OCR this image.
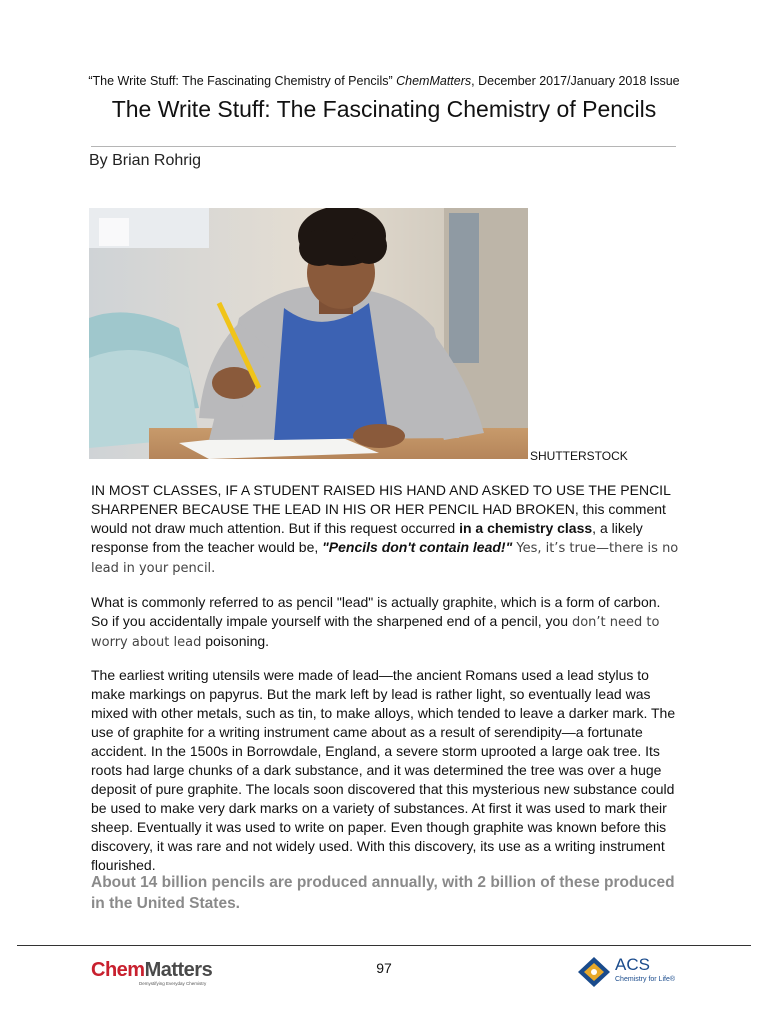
“The Write Stuff: The Fascinating Chemistry of Pencils” ChemMatters, December 2017/January 2018 Issue
The Write Stuff: The Fascinating Chemistry of Pencils
By Brian Rohrig
SHUTTERSTOCK
IN MOST CLASSES, IF A STUDENT RAISED HIS HAND AND ASKED TO USE THE PENCIL SHARPENER BECAUSE THE LEAD IN HIS OR HER PENCIL HAD BROKEN, this comment would not draw much attention. But if this request occurred in a chemistry class, a likely response from the teacher would be, "Pencils don't contain lead!" Yes, it’s true—there is no lead in your pencil.
What is commonly referred to as pencil "lead" is actually graphite, which is a form of carbon. So if you accidentally impale yourself with the sharpened end of a pencil, you don’t need to worry about lead poisoning.
The earliest writing utensils were made of lead—the ancient Romans used a lead stylus to make markings on papyrus. But the mark left by lead is rather light, so eventually lead was mixed with other metals, such as tin, to make alloys, which tended to leave a darker mark. The use of graphite for a writing instrument came about as a result of serendipity—a fortunate accident. In the 1500s in Borrowdale, England, a severe storm uprooted a large oak tree. Its roots had large chunks of a dark substance, and it was determined the tree was over a huge deposit of pure graphite. The locals soon discovered that this mysterious new substance could be used to make very dark marks on a variety of substances. At first it was used to mark their sheep. Eventually it was used to write on paper. Even though graphite was known before this discovery, it was rare and not widely used. With this discovery, its use as a writing instrument flourished.
About 14 billion pencils are produced annually, with 2 billion of these produced in the United States.
ChemMatters
Demystifying Everyday Chemistry
97	ACS
Chemistry for Life®
